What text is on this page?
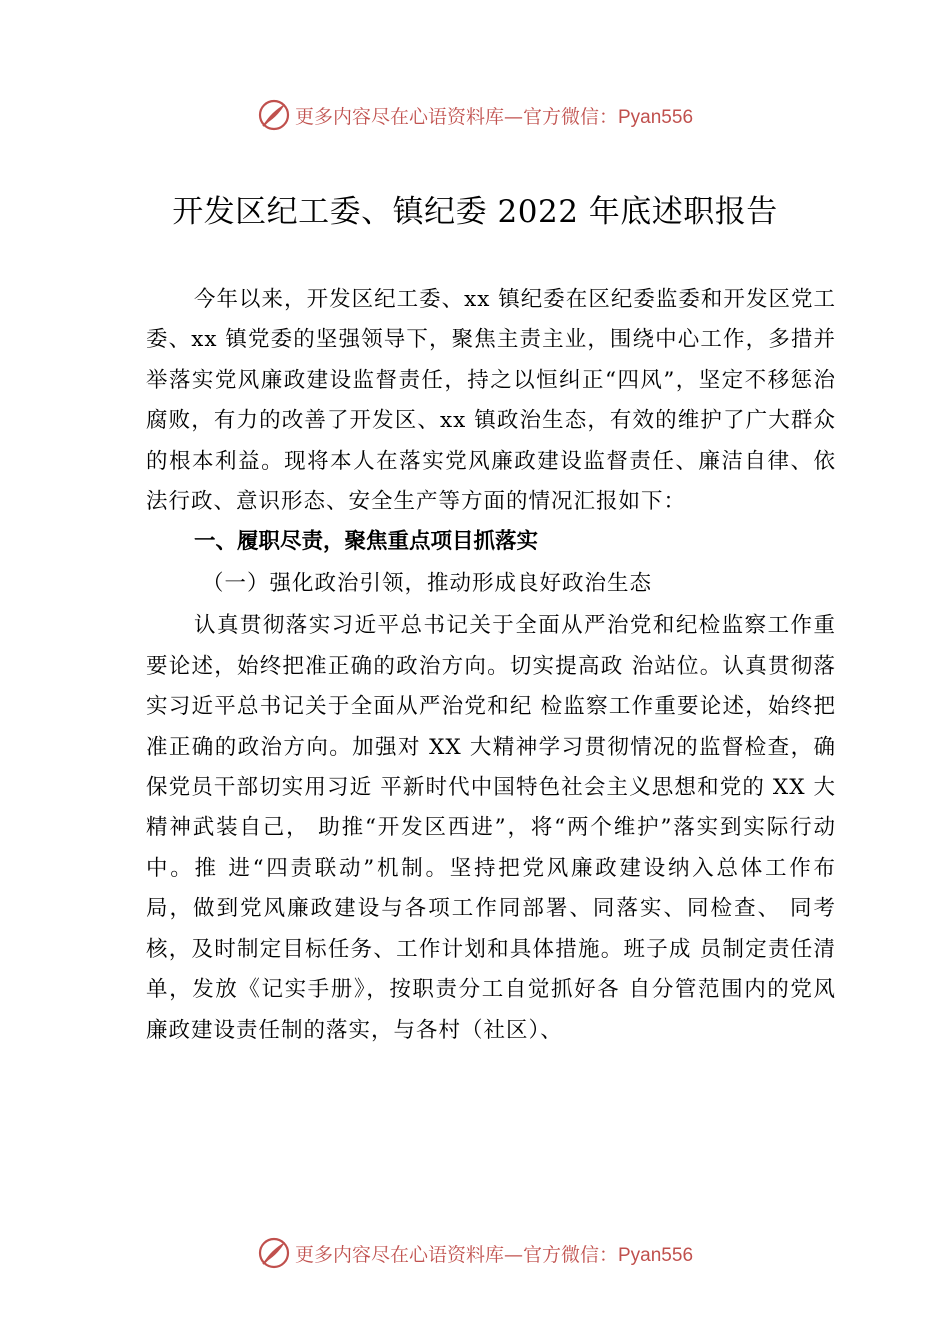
更多内容尽在心语资料库—官方微信：Pyan556
开发区纪工委、镇纪委 2022 年底述职报告

今年以来，开发区纪工委、xx 镇纪委在区纪委监委和开发区党工委、xx 镇党委的坚强领导下，聚焦主责主业，围绕中心工作，多措并举落实党风廉政建设监督责任，持之以恒纠正“四风”，坚定不移惩治腐败，有力的改善了开发区、xx 镇政治生态，有效的维护了广大群众的根本利益。现将本人在落实党风廉政建设监督责任、廉洁自律、依法行政、意识形态、安全生产等方面的情况汇报如下：

一、履职尽责，聚焦重点项目抓落实

（一）强化政治引领，推动形成良好政治生态

认真贯彻落实习近平总书记关于全面从严治党和纪检监察工作重要论述，始终把准正确的政治方向。切实提高政 治站位。认真贯彻落实习近平总书记关于全面从严治党和纪 检监察工作重要论述，始终把准正确的政治方向。加强对 XX 大精神学习贯彻情况的监督检查，确保党员干部切实用习近 平新时代中国特色社会主义思想和党的 XX 大精神武装自己， 助推“开发区西进”，将“两个维护”落实到实际行动中。推 进“四责联动”机制。坚持把党风廉政建设纳入总体工作布 局，做到党风廉政建设与各项工作同部署、同落实、同检查、 同考核，及时制定目标任务、工作计划和具体措施。班子成 员制定责任清单，发放《记实手册》，按职责分工自觉抓好各 自分管范围内的党风廉政建设责任制的落实，与各村（社区）、

更多内容尽在心语资料库—官方微信：Pyan556
